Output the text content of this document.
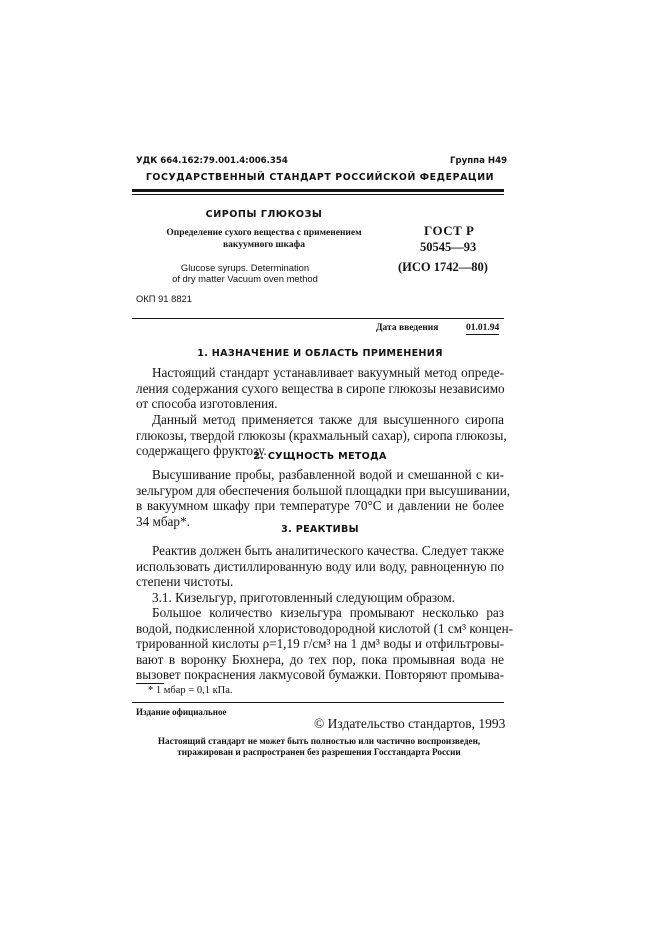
УДК 664.162:79.001.4:006.354	Группа Н49
ГОСУДАРСТВЕННЫЙ СТАНДАРТ РОССИЙСКОЙ ФЕДЕРАЦИИ
СИРОПЫ ГЛЮКОЗЫ
Определение сухого вещества с применением
вакуумного шкафа
Glucose syrups. Determination
of dry matter Vacuum oven method
ГОСТ Р
50545—93
(ИСО 1742—80)
ОКП 91 8821
Дата введения	01.01.94
1. НАЗНАЧЕНИЕ И ОБЛАСТЬ ПРИМЕНЕНИЯ
Настоящий стандарт устанавливает вакуумный метод опреде-
ления содержания сухого вещества в сиропе глюкозы независимо
от способа изготовления.
Данный метод применяется также для высушенного сиропа
глюкозы, твердой глюкозы (крахмальный сахар), сиропа глюкозы,
содержащего фруктозу.
2. СУЩНОСТЬ МЕТОДА
Высушивание пробы, разбавленной водой и смешанной с ки-
зельгуром для обеспечения большой площадки при высушивании,
в вакуумном шкафу при температуре 70°С и давлении не более
34 мбар*.
3. РЕАКТИВЫ
Реактив должен быть аналитического качества. Следует также
использовать дистиллированную воду или воду, равноценную по
степени чистоты.
3.1. Кизельгур, приготовленный следующим образом.
Большое количество кизельгура промывают несколько раз
водой, подкисленной хлористоводородной кислотой (1 см³ концен-
трированной кислоты ρ=1,19 г/см³ на 1 дм³ воды и отфильтровы-
вают в воронку Бюхнера, до тех пор, пока промывная вода не
вызовет покраснения лакмусовой бумажки. Повторяют промыва-
* 1 мбар = 0,1 кПа.
Издание официальное
© Издательство стандартов, 1993
Настоящий стандарт не может быть полностью или частично воспроизведен,
тиражирован и распространен без разрешения Госстандарта России
